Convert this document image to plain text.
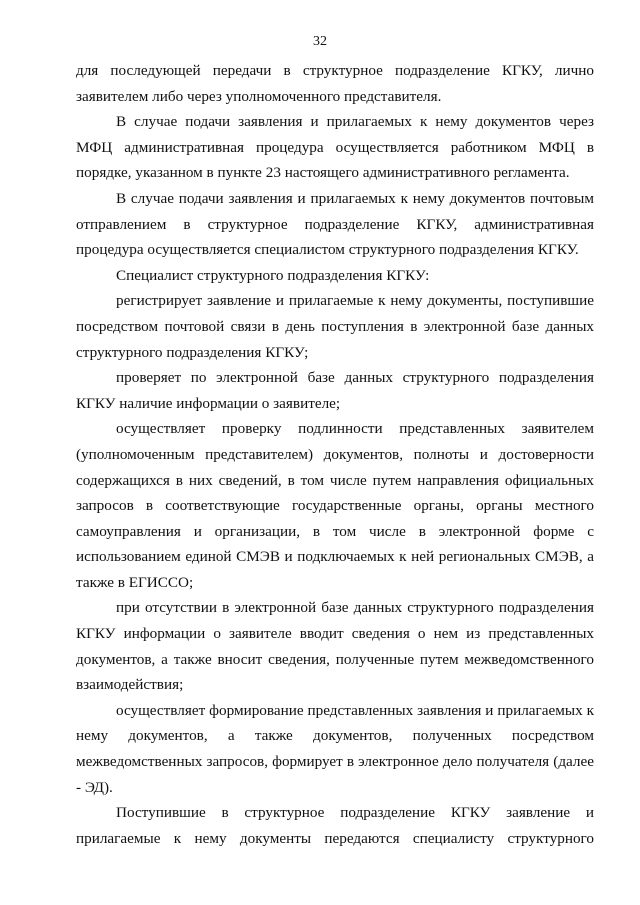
32

для последующей передачи в структурное подразделение КГКУ, лично заявителем либо через уполномоченного представителя.

В случае подачи заявления и прилагаемых к нему документов через МФЦ административная процедура осуществляется работником МФЦ в порядке, указанном в пункте 23 настоящего административного регламента.

В случае подачи заявления и прилагаемых к нему документов почтовым отправлением в структурное подразделение КГКУ, административная процедура осуществляется специалистом структурного подразделения КГКУ.

Специалист структурного подразделения КГКУ:

регистрирует заявление и прилагаемые к нему документы, поступившие посредством почтовой связи в день поступления в электронной базе данных структурного подразделения КГКУ;

проверяет по электронной базе данных структурного подразделения КГКУ наличие информации о заявителе;

осуществляет проверку подлинности представленных заявителем (уполномоченным представителем) документов, полноты и достоверности содержащихся в них сведений, в том числе путем направления официальных запросов в соответствующие государственные органы, органы местного самоуправления и организации, в том числе в электронной форме с использованием единой СМЭВ и подключаемых к ней региональных СМЭВ, а также в ЕГИССО;

при отсутствии в электронной базе данных структурного подразделения КГКУ информации о заявителе вводит сведения о нем из представленных документов, а также вносит сведения, полученные путем межведомственного взаимодействия;

осуществляет формирование представленных заявления и прилагаемых к нему документов, а также документов, полученных посредством межведомственных запросов, формирует в электронное дело получателя (далее - ЭД).

Поступившие в структурное подразделение КГКУ заявление и прилагаемые к нему документы передаются специалисту структурного
